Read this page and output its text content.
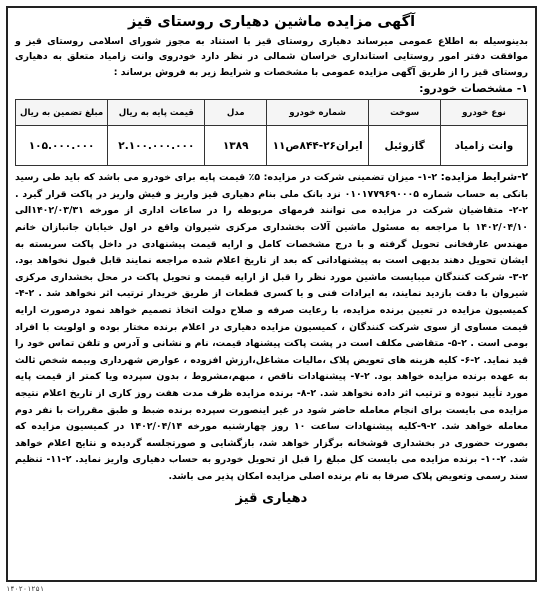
آگهی مزایده ماشین دهیاری روستای قیز

بدینوسیله به اطلاع عمومی میرساند دهیاری روستای قیز با استناد به مجوز شورای اسلامی روستای قیز و موافقت دفتر امور روستایی استانداری خراسان شمالی در نظر دارد خودروی وانت زامیاد متعلق به دهیاری روستای قیز را از طریق آگهی مزایده عمومی با مشخصات و شرایط زیر به فروش برساند :

۱- مشخصات خودرو:
نوع خودرو	سوخت	شماره خودرو	مدل	قیمت پایه به ریال	مبلغ تضمین به ریال
وانت زامیاد	گازوئیل	ایران۲۶-۸۴۴ص۱۱	۱۳۸۹	۲.۱۰۰.۰۰۰.۰۰۰	۱۰۵.۰۰۰.۰۰۰

۲-شرایط مزایده: ۲-۱- میزان تضمینی شرکت در مزایده: ۵٪ قیمت پایه برای خودرو می باشد که باید طی رسید بانکی به حساب شماره ۰۱۰۱۷۷۹۶۹۰۰۰۵ نزد بانک ملی بنام دهیاری قیز واریز و فیش واریز در پاکت قرار گیرد . ۲-۲- متقاضیان شرکت در مزایده می توانند فرمهای مربوطه را در ساعات اداری از مورخه ۱۴۰۲/۰۳/۳۱الی ۱۴۰۲/۰۴/۱۰ با مراجعه به مسئول ماشین آلات بخشداری مرکزی شیروان واقع در اول خیابان جانبازان خانم مهندس عارفخانی تحویل گرفته و با درج مشخصات کامل و ارایه قیمت پیشنهادی در داخل پاکت سربسته به ایشان تحویل دهند بدیهی است به پیشنهاداتی که بعد از تاریخ اعلام شده مراجعه نمایند قابل قبول نخواهد بود. ۲-۳- شرکت کنندگان میبایست ماشین مورد نظر را قبل از ارایه قیمت و تحویل پاکت در محل بخشداری مرکزی شیروان با دقت بازدید نمایند، به ایرادات فنی و یا کسری قطعات از طریق خریدار ترتیب اثر نخواهد شد . ۲-۴- کمیسیون مزایده در تعیین برنده مزایده، با رعایت صرفه و صلاح دولت اتخاذ تصمیم خواهد نمود درصورت ارایه قیمت مساوی از سوی شرکت کنندگان ، کمیسیون مزایده دهیاری در اعلام برنده مختار بوده و اولویت با افراد بومی است . ۲-۵- متقاضی مکلف است در پشت پاکت پیشنهاد قیمت، نام و نشانی و آدرس و تلفن تماس خود را قید نماید. ۲-۶- کلیه هزینه های تعویض پلاک ،مالیات مشاغل،ارزش افزوده ، عوارض شهرداری وبیمه شخص ثالث به عهده برنده مزایده خواهد بود. ۲-۷- پیشنهادات ناقص ، مبهم،مشروط ، بدون سپرده ویا کمتر از قیمت پایه مورد تأیید نبوده و ترتیب اثر داده نخواهد شد. ۲-۸- برنده مزایده ظرف مدت هفت روز کاری از تاریخ اعلام نتیجه مزایده می بایست برای انجام معامله حاضر شود در غیر اینصورت سپرده برنده ضبط و طبق مقررات با نفر دوم معامله خواهد شد. ۲-۹-کلیه پیشنهادات ساعت ۱۰ روز چهارشنبه مورخه ۱۴۰۲/۰۴/۱۴ در کمیسیون مزایده که بصورت حضوری در بخشداری قوشخانه برگزار خواهد شد، بازگشایی و صورتجلسه گردیده و نتایج اعلام خواهد شد. ۲-۱۰- برنده مزایده می بایست کل مبلغ را قبل از تحویل خودرو به حساب دهیاری واریز نماید. ۲-۱۱- تنظیم سند رسمی وتعویض پلاک صرفا به نام برنده اصلی مزایده امکان پذیر می باشد.

دهیاری قیز
۱۴۰۲۰۱۲۵۱
